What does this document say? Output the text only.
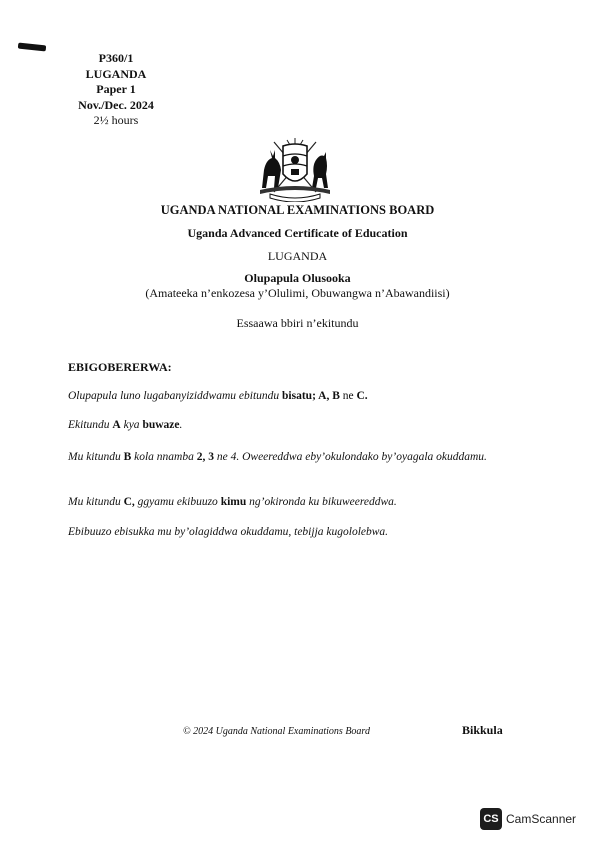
P360/1
LUGANDA
Paper 1
Nov./Dec. 2024
2½ hours
UGANDA NATIONAL EXAMINATIONS BOARD
Uganda Advanced Certificate of Education
LUGANDA
Olupapula Olusooka
(Amateeka n’enkozesa y’Olulimi, Obuwangwa n’Abawandiisi)
Essaawa bbiri n’ekitundu
EBIGOBERERWA:
Olupapula luno lugabanyiziddwamu ebitundu bisatu; A, B ne C.
Ekitundu A kya buwaze.
Mu kitundu B kola nnamba 2, 3 ne 4. Oweereddwa eby’okulondako by’oyagala okuddamu.
Mu kitundu C, ggyamu ekibuuzo kimu ng’okironda ku bikuweereddwa.
Ebibuuzo ebisukka mu by’olagiddwa okuddamu, tebijja kugololebwa.
© 2024 Uganda National Examinations Board	Bikkula
CS CamScanner
